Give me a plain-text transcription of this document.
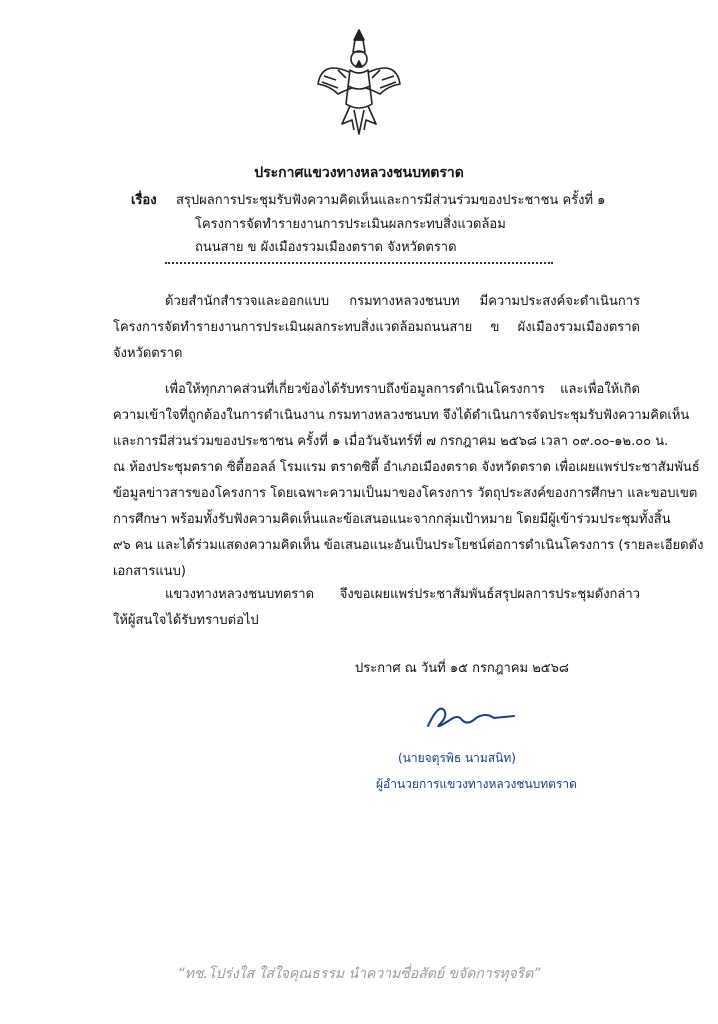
ประกาศแขวงทางหลวงชนบทตราด
เรื่อง สรุปผลการประชุมรับฟังความคิดเห็นและการมีส่วนร่วมของประชาชน ครั้งที่ ๑
โครงการจัดทำรายงานการประเมินผลกระทบสิ่งแวดล้อม
ถนนสาย ข ผังเมืองรวมเมืองตราด จังหวัดตราด
ด้วยสำนักสำรวจและออกแบบ กรมทางหลวงชนบท มีความประสงค์จะดำเนินการ
โครงการจัดทำรายงานการประเมินผลกระทบสิ่งแวดล้อมถนนสาย ข ผังเมืองรวมเมืองตราด
จังหวัดตราด
เพื่อให้ทุกภาคส่วนที่เกี่ยวข้องได้รับทราบถึงข้อมูลการดำเนินโครงการ และเพื่อให้เกิด
ความเข้าใจที่ถูกต้องในการดำเนินงาน กรมทางหลวงชนบท จึงได้ดำเนินการจัดประชุมรับฟังความคิดเห็น
และการมีส่วนร่วมของประชาชน ครั้งที่ ๑ เมื่อวันจันทร์ที่ ๗ กรกฎาคม ๒๕๖๘ เวลา ๐๙.๐๐-๑๒.๐๐ น.
ณ ห้องประชุมตราด ซิตี้ฮอลล์ โรมแรม ตราดซิตี้ อำเภอเมืองตราด จังหวัดตราด เพื่อเผยแพร่ประชาสัมพันธ์
ข้อมูลข่าวสารของโครงการ โดยเฉพาะความเป็นมาของโครงการ วัตถุประสงค์ของการศึกษา และขอบเขต
การศึกษา พร้อมทั้งรับฟังความคิดเห็นและข้อเสนอแนะจากกลุ่มเป้าหมาย โดยมีผู้เข้าร่วมประชุมทั้งสิ้น
๙๖ คน และได้ร่วมแสดงความคิดเห็น ข้อเสนอแนะอันเป็นประโยชน์ต่อการดำเนินโครงการ (รายละเอียดดัง
เอกสารแนบ)
แขวงทางหลวงชนบทตราด จึงขอเผยแพร่ประชาสัมพันธ์สรุปผลการประชุมดังกล่าว
ให้ผู้สนใจได้รับทราบต่อไป
ประกาศ ณ วันที่ ๑๕ กรกฎาคม ๒๕๖๘
(นายจตุรพิธ นามสนิท)
ผู้อำนวยการแขวงทางหลวงชนบทตราด
“ทช.โปร่งใส ใส่ใจคุณธรรม นำความซื่อสัตย์ ขจัดการทุจริต”
